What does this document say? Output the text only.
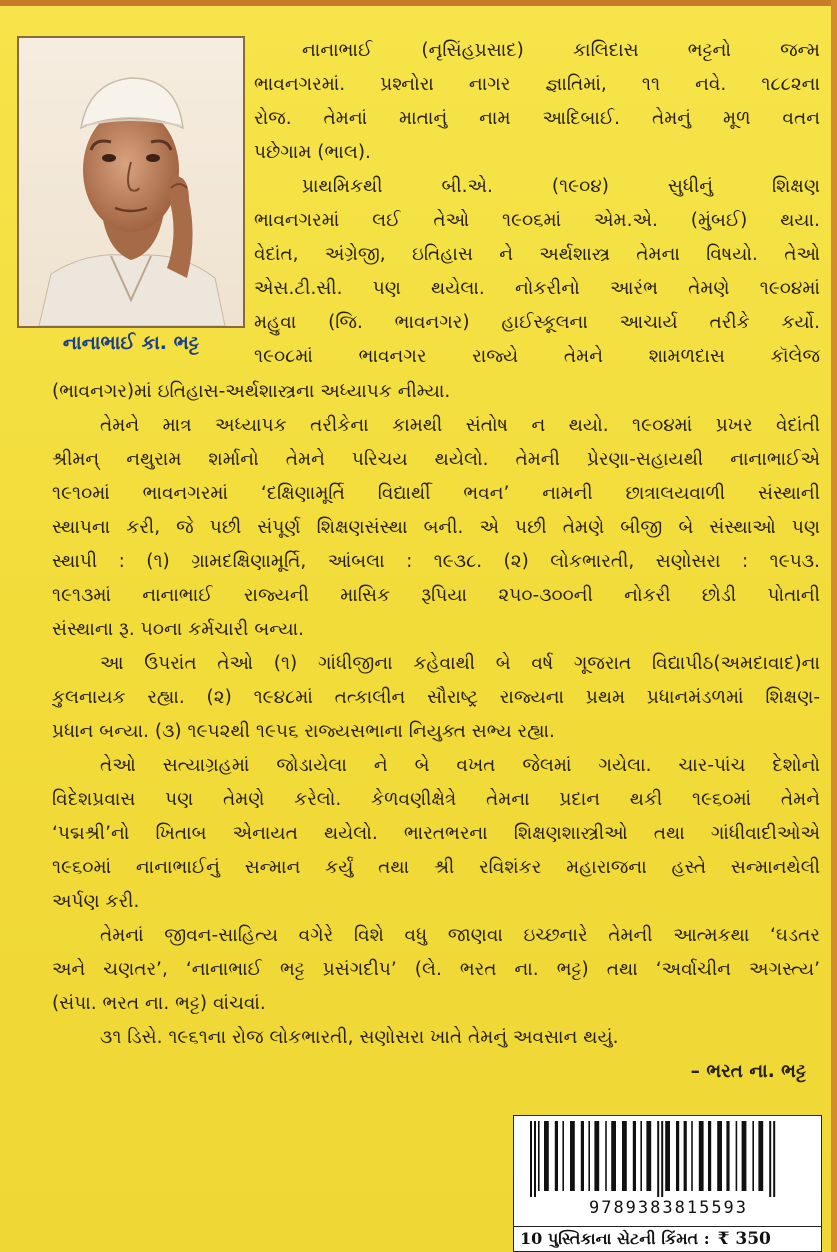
નાનાભાઈ કા. ભટ્ટ
નાનાભાઈ (નૃસિંહપ્રસાદ) કાલિદાસ ભટ્ટનો જન્મ
ભાવનગરમાં. પ્રશ્નોરા નાગર જ્ઞાતિમાં, ૧૧ નવે. ૧૮૮૨ના
રોજ. તેમનાં માતાનું નામ આદિબાઈ. તેમનું મૂળ વતન
પછેગામ (ભાલ).
પ્રાથમિકથી બી.એ. (૧૯૦૪) સુધીનું શિક્ષણ
ભાવનગરમાં લઈ તેઓ ૧૯૦૬માં એમ.એ. (મુંબઈ) થયા.
વેદાંત, અંગ્રેજી, ઇતિહાસ ને અર્થશાસ્ત્ર તેમના વિષયો. તેઓ
એસ.ટી.સી. પણ થયેલા. નોકરીનો આરંભ તેમણે ૧૯૦૪માં
મહુવા (જિ. ભાવનગર) હાઈસ્કૂલના આચાર્ય તરીકે કર્યો.
૧૯૦૮માં ભાવનગર રાજ્યે તેમને શામળદાસ કૉલેજ
(ભાવનગર)માં ઇતિહાસ-અર્થશાસ્ત્રના અધ્યાપક નીમ્યા.
તેમને માત્ર અધ્યાપક તરીકેના કામથી સંતોષ ન થયો. ૧૯૦૪માં પ્રખર વેદાંતી
શ્રીમન્ નથુરામ શર્માનો તેમને પરિચય થયેલો. તેમની પ્રેરણા-સહાયથી નાનાભાઈએ
૧૯૧૦માં ભાવનગરમાં ‘દક્ષિણામૂર્તિ વિદ્યાર્થી ભવન’ નામની છાત્રાલયવાળી સંસ્થાની
સ્થાપના કરી, જે પછી સંપૂર્ણ શિક્ષણસંસ્થા બની. એ પછી તેમણે બીજી બે સંસ્થાઓ પણ
સ્થાપી : (૧) ગ્રામદક્ષિણામૂર્તિ, આંબલા : ૧૯૩૮. (૨) લોકભારતી, સણોસરા : ૧૯૫૩.
૧૯૧૩માં નાનાભાઈ રાજ્યની માસિક રૂપિયા ૨૫૦-૩૦૦ની નોકરી છોડી પોતાની
સંસ્થાના રૂ. ૫૦ના કર્મચારી બન્યા.
આ ઉપરાંત તેઓ (૧) ગાંધીજીના કહેવાથી બે વર્ષ ગૂજરાત વિદ્યાપીઠ(અમદાવાદ)ના
કુલનાયક રહ્યા. (૨) ૧૯૪૮માં તત્કાલીન સૌરાષ્ટ્ર રાજ્યના પ્રથમ પ્રધાનમંડળમાં શિક્ષણ-
પ્રધાન બન્યા. (૩) ૧૯૫૨થી ૧૯૫૬ રાજ્યસભાના નિયુક્ત સભ્ય રહ્યા.
તેઓ સત્યાગ્રહમાં જોડાયેલા ને બે વખત જેલમાં ગયેલા. ચાર-પાંચ દેશોનો
વિદેશપ્રવાસ પણ તેમણે કરેલો. કેળવણીક્ષેત્રે તેમના પ્રદાન થકી ૧૯૬૦માં તેમને
‘પદ્મશ્રી’નો ખિતાબ એનાયત થયેલો. ભારતભરના શિક્ષણશાસ્ત્રીઓ તથા ગાંધીવાદીઓએ
૧૯૬૦માં નાનાભાઈનું સન્માન કર્યું તથા શ્રી રવિશંકર મહારાજના હસ્તે સન્માનથેલી
અર્પણ કરી.
તેમનાં જીવન-સાહિત્ય વગેરે વિશે વધુ જાણવા ઇચ્છનારે તેમની આત્મકથા ‘ઘડતર
અને ચણતર’, ‘નાનાભાઈ ભટ્ટ પ્રસંગદીપ’ (લે. ભરત ના. ભટ્ટ) તથા ‘અર્વાચીન અગસ્ત્ય’
(સંપા. ભરત ના. ભટ્ટ) વાંચવાં.
૩૧ ડિસે. ૧૯૬૧ના રોજ લોકભારતી, સણોસરા ખાતે તેમનું અવસાન થયું.
– ભરત ના. ભટ્ટ
9789383815593
10 પુસ્તિકાના સેટની કિંમત : ₹ 350
